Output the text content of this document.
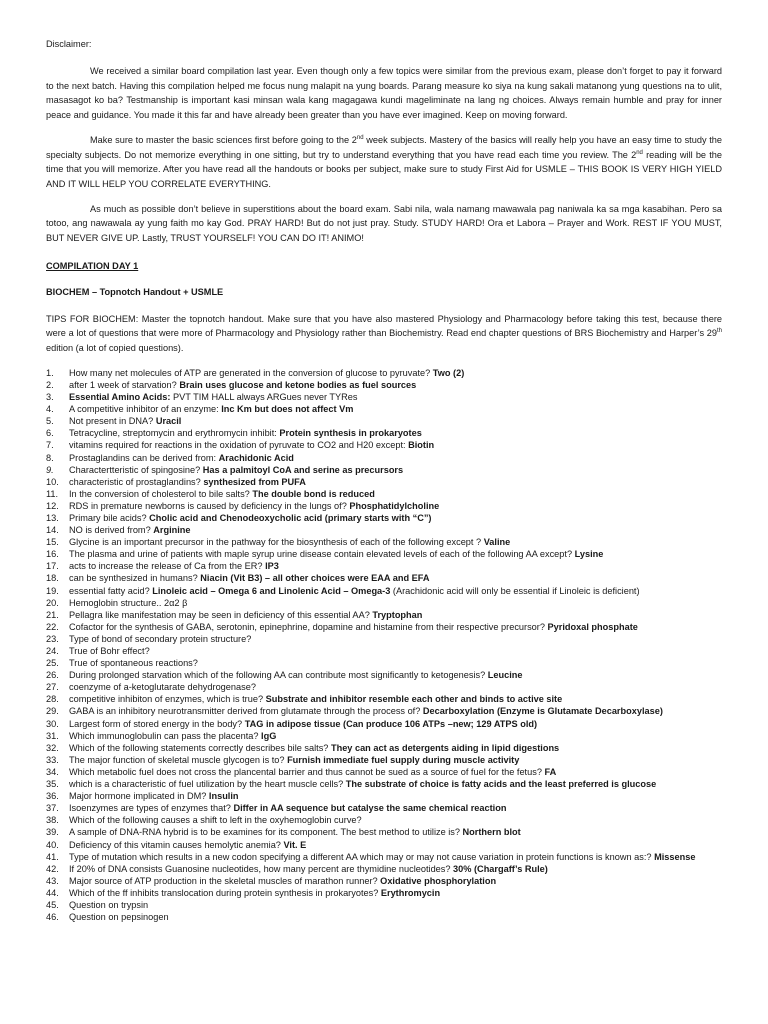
Disclaimer:

We received a similar board compilation last year. Even though only a few topics were similar from the previous exam, please don’t forget to pay it forward to the next batch. Having this compilation helped me focus nung malapit na yung boards. Parang measure ko siya na kung sakali matanong yung questions na to ulit, masasagot ko ba? Testmanship is important kasi minsan wala kang magagawa kundi mageliminate na lang ng choices. Always remain humble and pray for inner peace and guidance. You made it this far and have already been greater than you have ever imagined. Keep on moving forward.

Make sure to master the basic sciences first before going to the 2nd week subjects. Mastery of the basics will really help you have an easy time to study the specialty subjects. Do not memorize everything in one sitting, but try to understand everything that you have read each time you review. The 2nd reading will be the time that you will memorize. After you have read all the handouts or books per subject, make sure to study First Aid for USMLE – THIS BOOK IS VERY HIGH YIELD AND IT WILL HELP YOU CORRELATE EVERYTHING.

As much as possible don’t believe in superstitions about the board exam. Sabi nila, wala namang mawawala pag naniwala ka sa mga kasabihan. Pero sa totoo, ang nawawala ay yung faith mo kay God. PRAY HARD! But do not just pray. Study. STUDY HARD! Ora et Labora – Prayer and Work. REST IF YOU MUST, BUT NEVER GIVE UP. Lastly, TRUST YOURSELF! YOU CAN DO IT! ANIMO!

COMPILATION DAY 1
BIOCHEM – Topnotch Handout + USMLE

TIPS FOR BIOCHEM: Master the topnotch handout. Make sure that you have also mastered Physiology and Pharmacology before taking this test, because there were a lot of questions that were more of Pharmacology and Physiology rather than Biochemistry. Read end chapter questions of BRS Biochemistry and Harper’s 29th edition (a lot of copied questions).

1.	How many net molecules of ATP are generated in the conversion of glucose to pyruvate? Two (2)
2.	after 1 week of starvation? Brain uses glucose and ketone bodies as fuel sources
3.	Essential Amino Acids: PVT TIM HALL always ARGues never TYRes
4.	A competitive inhibitor of an enzyme: Inc Km but does not affect Vm
5.	Not present in DNA? Uracil
6.	Tetracycline, streptomycin and erythromycin inhibit: Protein synthesis in prokaryotes
7.	vitamins required for reactions in the oxidation of pyruvate to CO2 and H20 except: Biotin
8.	Prostaglandins can be derived from: Arachidonic Acid
9.	Charactertteristic of spingosine? Has a palmitoyl CoA and serine as precursors
10.	characteristic of prostaglandins? synthesized from PUFA
11.	In the conversion of cholesterol to bile salts? The double bond is reduced
12.	RDS in premature newborns is caused by deficiency in the lungs of? Phosphatidylcholine
13.	Primary bile acids? Cholic acid and Chenodeoxycholic acid (primary starts with “C”)
14.	NO is derived from? Arginine
15.	Glycine is an important precursor in the pathway for the biosynthesis of each of the following except ? Valine
16.	The plasma and urine of patients with maple syrup urine disease contain elevated levels of each of the following AA except? Lysine
17.	acts to increase the release of Ca from the ER? IP3
18.	can be synthesized in humans? Niacin (Vit B3) – all other choices were EAA and EFA
19.	essential fatty acid? Linoleic acid – Omega 6 and Linolenic Acid – Omega-3 (Arachidonic acid will only be essential if Linoleic is deficient)
20.	Hemoglobin structure.. 2α2 β
21.	Pellagra like manifestation may be seen in deficiency of this essential AA? Tryptophan
22.	Cofactor for the synthesis of GABA, serotonin, epinephrine, dopamine and histamine from their respective precursor? Pyridoxal phosphate
23.	Type of bond of secondary protein structure?
24.	True of Bohr effect?
25.	True of spontaneous reactions?
26.	During prolonged starvation which of the following AA can contribute most significantly to ketogenesis? Leucine
27.	coenzyme of a-ketoglutarate dehydrogenase?
28.	competitive inhibiton of enzymes, which is true? Substrate and inhibitor resemble each other and binds to active site
29.	GABA is an inhibitory neurotransmitter derived from glutamate through the process of? Decarboxylation (Enzyme is Glutamate Decarboxylase)
30.	Largest form of stored energy in the body? TAG in adipose tissue (Can produce 106 ATPs –new; 129 ATPS old)
31.	Which immunoglobulin can pass the placenta? IgG
32.	Which of the following statements correctly describes bile salts? They can act as detergents aiding in lipid digestions
33.	The major function of skeletal muscle glycogen is to? Furnish immediate fuel supply during muscle activity
34.	Which metabolic fuel does not cross the plancental barrier and thus cannot be sued as a source of fuel for the fetus? FA
35.	which is a characteristic of fuel utilization by the heart muscle cells? The substrate of choice is fatty acids and the least preferred is glucose
36.	Major hormone implicated in DM? Insulin
37.	Isoenzymes are types of enzymes that? Differ in AA sequence but catalyse the same chemical reaction
38.	Which of the following causes a shift to left in the oxyhemoglobin curve?
39.	A sample of DNA-RNA hybrid is to be examines for its component. The best method to utilize is? Northern blot
40.	Deficiency of this vitamin causes hemolytic anemia? Vit. E
41.	Type of mutation which results in a new codon specifying a different AA which may or may not cause variation in protein functions is known as:? Missense
42.	If 20% of DNA consists Guanosine nucleotides, how many percent are thymidine nucleotides? 30% (Chargaff’s Rule)
43.	Major source of ATP production in the skeletal muscles of marathon runner? Oxidative phosphorylation
44.	Which of the ff inhibits translocation during protein synthesis in prokaryotes? Erythromycin
45.	Question on trypsin
46.	Question on pepsinogen
